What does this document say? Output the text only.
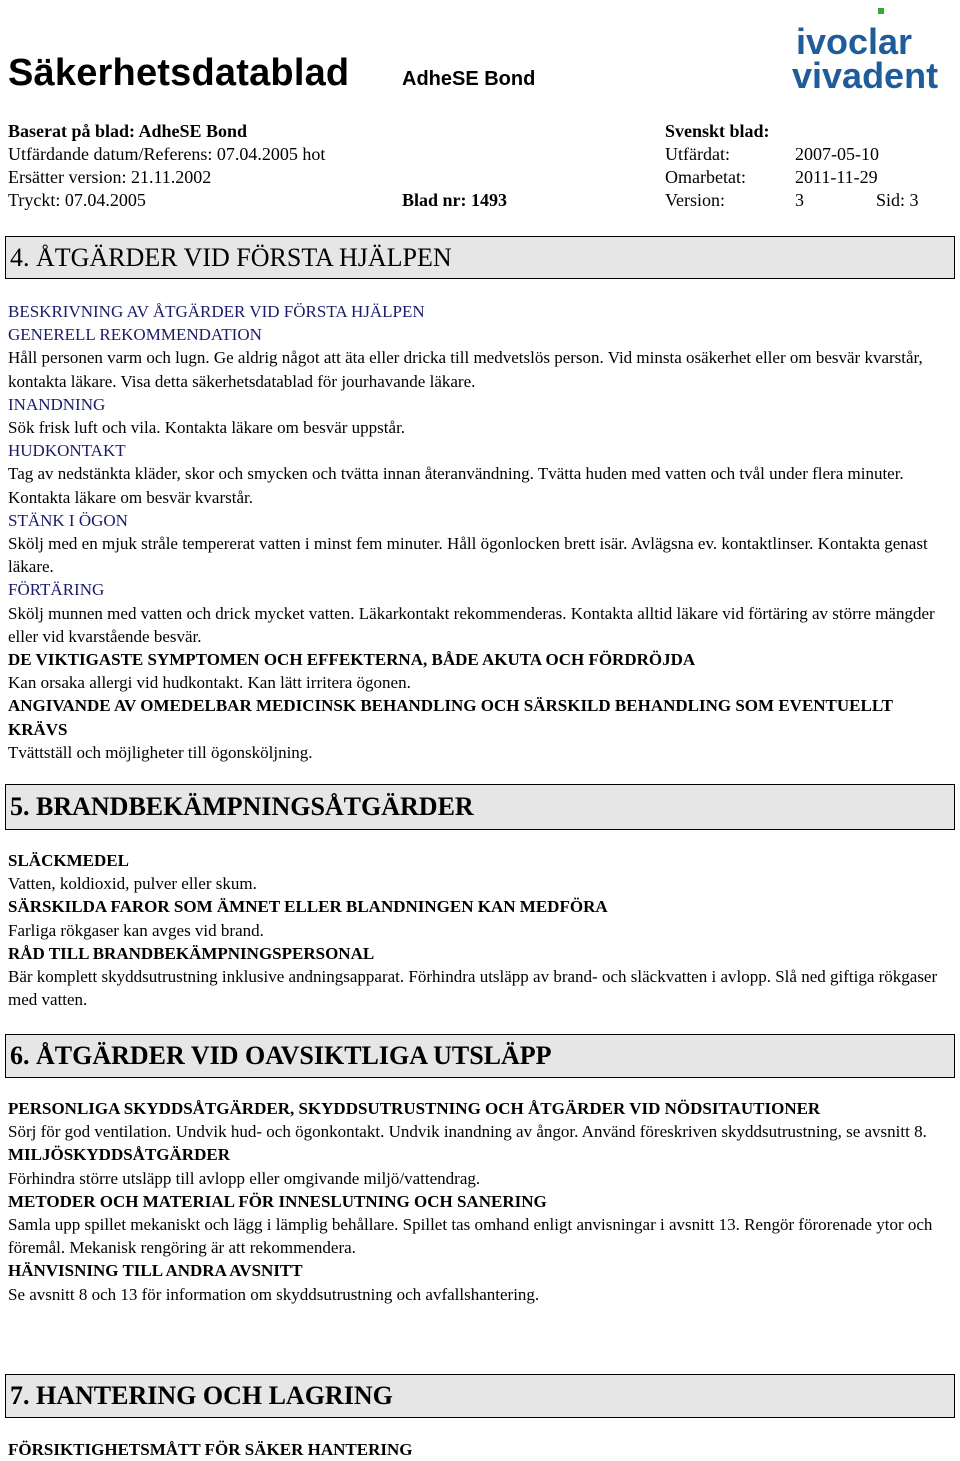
Säkerhetsdatablad	AdheSE Bond
ivoclar
vivadent
Baserat på blad: AdheSE Bond
Utfärdande datum/Referens: 07.04.2005 hot
Ersätter version: 21.11.2002
Tryckt: 07.04.2005	Blad nr: 1493
Svenskt blad:
Utfärdat:	2007-05-10
Omarbetat:	2011-11-29
Version:	3	Sid: 3
4. ÅTGÄRDER VID FÖRSTA HJÄLPEN

BESKRIVNING AV ÅTGÄRDER VID FÖRSTA HJÄLPEN

GENERELL REKOMMENDATION

Håll personen varm och lugn. Ge aldrig något att äta eller dricka till medvetslös person. Vid minsta osäkerhet eller om besvär kvarstår, kontakta läkare. Visa detta säkerhetsdatablad för jourhavande läkare.

INANDNING

Sök frisk luft och vila. Kontakta läkare om besvär uppstår.

HUDKONTAKT

Tag av nedstänkta kläder, skor och smycken och tvätta innan återanvändning. Tvätta huden med vatten och tvål under flera minuter. Kontakta läkare om besvär kvarstår.

STÄNK I ÖGON

Skölj med en mjuk stråle tempererat vatten i minst fem minuter. Håll ögonlocken brett isär. Avlägsna ev. kontaktlinser. Kontakta genast läkare.

FÖRTÄRING

Skölj munnen med vatten och drick mycket vatten. Läkarkontakt rekommenderas. Kontakta alltid läkare vid förtäring av större mängder eller vid kvarstående besvär.

DE VIKTIGASTE SYMPTOMEN OCH EFFEKTERNA, BÅDE AKUTA OCH FÖRDRÖJDA

Kan orsaka allergi vid hudkontakt. Kan lätt irritera ögonen.

ANGIVANDE AV OMEDELBAR MEDICINSK BEHANDLING OCH SÄRSKILD BEHANDLING SOM EVENTUELLT KRÄVS

Tvättställ och möjligheter till ögonsköljning.

5. BRANDBEKÄMPNINGSÅTGÄRDER

SLÄCKMEDEL

Vatten, koldioxid, pulver eller skum.

SÄRSKILDA FAROR SOM ÄMNET ELLER BLANDNINGEN KAN MEDFÖRA

Farliga rökgaser kan avges vid brand.

RÅD TILL BRANDBEKÄMPNINGSPERSONAL

Bär komplett skyddsutrustning inklusive andningsapparat. Förhindra utsläpp av brand- och släckvatten i avlopp. Slå ned giftiga rökgaser med vatten.

6. ÅTGÄRDER VID OAVSIKTLIGA UTSLÄPP

PERSONLIGA SKYDDSÅTGÄRDER, SKYDDSUTRUSTNING OCH ÅTGÄRDER VID NÖDSITAUTIONER

Sörj för god ventilation. Undvik hud- och ögonkontakt. Undvik inandning av ångor. Använd föreskriven skyddsutrustning, se avsnitt 8.

MILJÖSKYDDSÅTGÄRDER

Förhindra större utsläpp till avlopp eller omgivande miljö/vattendrag.

METODER OCH MATERIAL FÖR INNESLUTNING OCH SANERING

Samla upp spillet mekaniskt och lägg i lämplig behållare. Spillet tas omhand enligt anvisningar i avsnitt 13. Rengör förorenade ytor och föremål. Mekanisk rengöring är att rekommendera.

HÄNVISNING TILL ANDRA AVSNITT

Se avsnitt 8 och 13 för information om skyddsutrustning och avfallshantering.

7. HANTERING OCH LAGRING

FÖRSIKTIGHETSMÅTT FÖR SÄKER HANTERING
